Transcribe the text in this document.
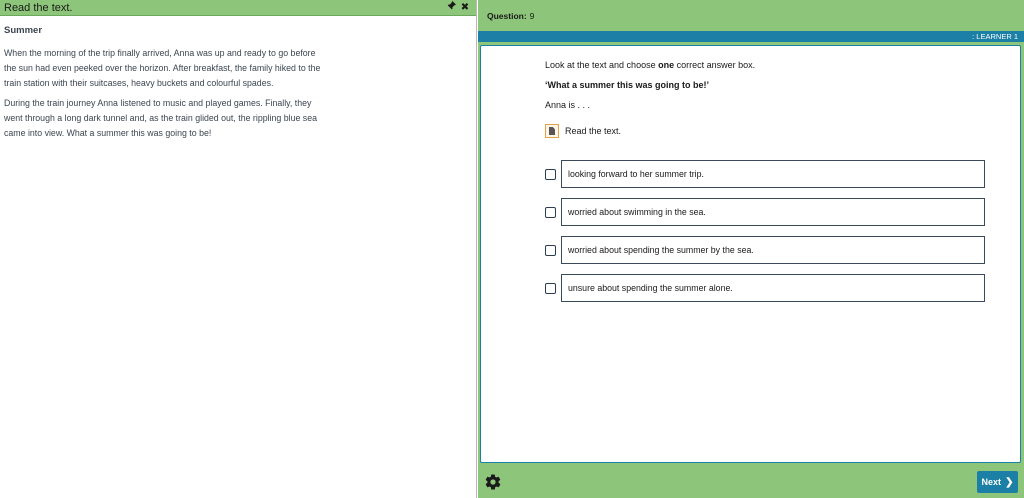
Read the text.	✖
Summer

When the morning of the trip finally arrived, Anna was up and ready to go before the sun had even peeked over the horizon. After breakfast, the family hiked to the train station with their suitcases, heavy buckets and colourful spades.

During the train journey Anna listened to music and played games. Finally, they went through a long dark tunnel and, as the train glided out, the rippling blue sea came into view. What a summer this was going to be!

Question: 9
: LEARNER 1
Look at the text and choose one correct answer box.
‘What a summer this was going to be!’
Anna is . . .
Read the text.
looking forward to her summer trip.
worried about swimming in the sea.
worried about spending the summer by the sea.
unsure about spending the summer alone.
Next ❯
